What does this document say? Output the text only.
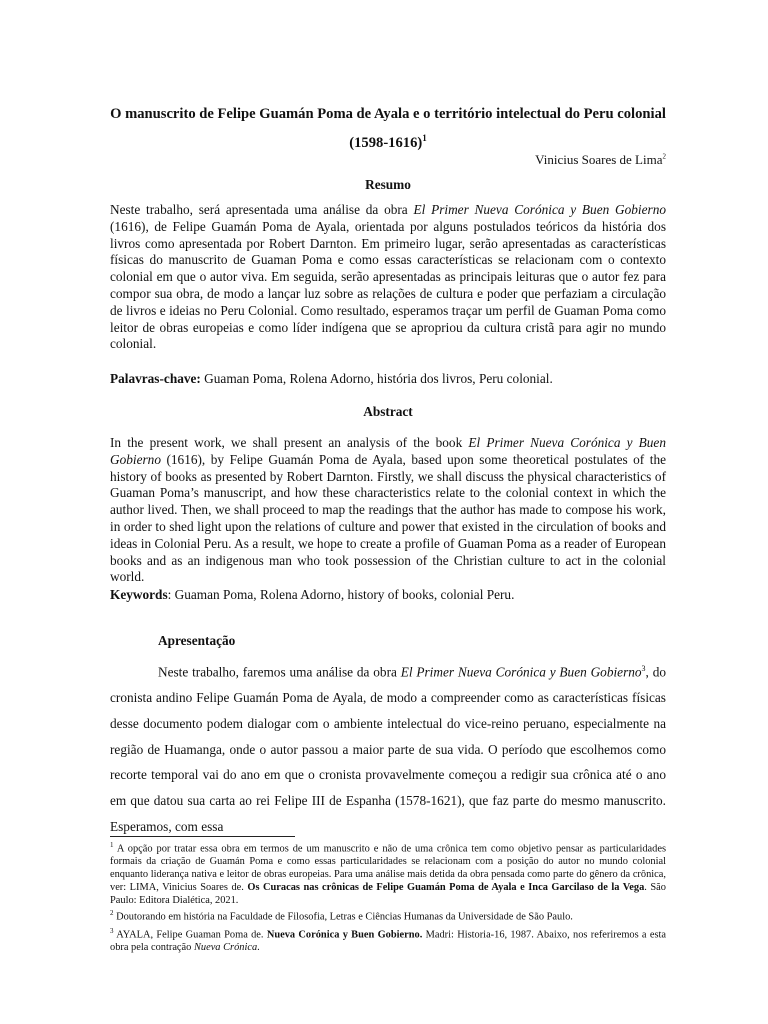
O manuscrito de Felipe Guamán Poma de Ayala e o território intelectual do Peru colonial (1598-1616)$^1$
Vinicius Soares de Lima$^2$
Resumo
Neste trabalho, será apresentada uma análise da obra El Primer Nueva Corónica y Buen Gobierno (1616), de Felipe Guamán Poma de Ayala, orientada por alguns postulados teóricos da história dos livros como apresentada por Robert Darnton. Em primeiro lugar, serão apresentadas as características físicas do manuscrito de Guaman Poma e como essas características se relacionam com o contexto colonial em que o autor viva. Em seguida, serão apresentadas as principais leituras que o autor fez para compor sua obra, de modo a lançar luz sobre as relações de cultura e poder que perfaziam a circulação de livros e ideias no Peru Colonial. Como resultado, esperamos traçar um perfil de Guaman Poma como leitor de obras europeias e como líder indígena que se apropriou da cultura cristã para agir no mundo colonial.
Palavras-chave: Guaman Poma, Rolena Adorno, história dos livros, Peru colonial.
Abstract
In the present work, we shall present an analysis of the book El Primer Nueva Corónica y Buen Gobierno (1616), by Felipe Guamán Poma de Ayala, based upon some theoretical postulates of the history of books as presented by Robert Darnton. Firstly, we shall discuss the physical characteristics of Guaman Poma’s manuscript, and how these characteristics relate to the colonial context in which the author lived. Then, we shall proceed to map the readings that the author has made to compose his work, in order to shed light upon the relations of culture and power that existed in the circulation of books and ideas in Colonial Peru. As a result, we hope to create a profile of Guaman Poma as a reader of European books and as an indigenous man who took possession of the Christian culture to act in the colonial world.
Keywords: Guaman Poma, Rolena Adorno, history of books, colonial Peru.
Apresentação
Neste trabalho, faremos uma análise da obra El Primer Nueva Corónica y Buen Gobierno$^3$, do cronista andino Felipe Guamán Poma de Ayala, de modo a compreender como as características físicas desse documento podem dialogar com o ambiente intelectual do vice-reino peruano, especialmente na região de Huamanga, onde o autor passou a maior parte de sua vida. O período que escolhemos como recorte temporal vai do ano em que o cronista provavelmente começou a redigir sua crônica até o ano em que datou sua carta ao rei Felipe III de Espanha (1578-1621), que faz parte do mesmo manuscrito. Esperamos, com essa

$^1$ A opção por tratar essa obra em termos de um manuscrito e não de uma crônica tem como objetivo pensar as particularidades formais da criação de Guamán Poma e como essas particularidades se relacionam com a posição do autor no mundo colonial enquanto liderança nativa e leitor de obras europeias. Para uma análise mais detida da obra pensada como parte do gênero da crônica, ver: LIMA, Vinicius Soares de. Os Curacas nas crônicas de Felipe Guamán Poma de Ayala e Inca Garcilaso de la Vega. São Paulo: Editora Dialética, 2021.

$^2$ Doutorando em história na Faculdade de Filosofia, Letras e Ciências Humanas da Universidade de São Paulo.

$^3$ AYALA, Felipe Guaman Poma de. Nueva Corónica y Buen Gobierno. Madri: Historia-16, 1987. Abaixo, nos referiremos a esta obra pela contração Nueva Crónica.
